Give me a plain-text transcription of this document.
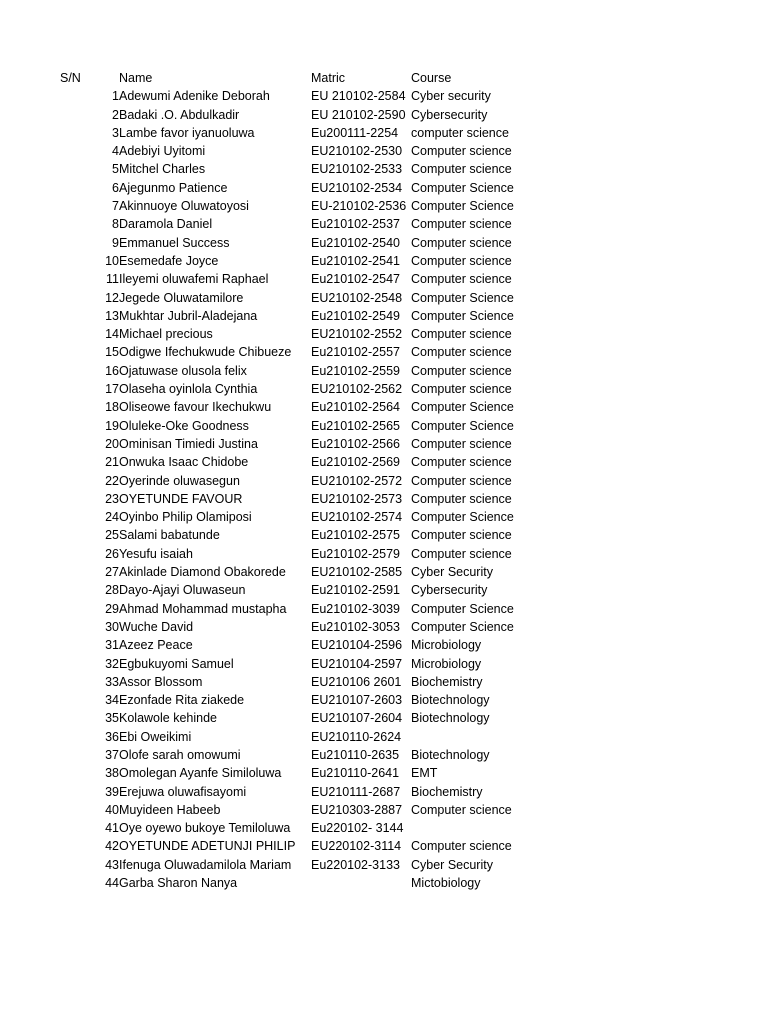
S/N	Name	Matric	Course
1	Adewumi Adenike Deborah	EU 210102-2584	Cyber security
2	Badaki .O. Abdulkadir	EU 210102-2590	Cybersecurity
3	Lambe favor iyanuoluwa	Eu200111-2254	computer science
4	Adebiyi Uyitomi	EU210102-2530	Computer science
5	Mitchel Charles	EU210102-2533	Computer science
6	Ajegunmo Patience	EU210102-2534	Computer Science
7	Akinnuoye Oluwatoyosi	EU-210102-2536	Computer Science
8	Daramola Daniel	Eu210102-2537	Computer science
9	Emmanuel Success	Eu210102-2540	Computer science
10	Esemedafe Joyce	Eu210102-2541	Computer science
11	Ileyemi oluwafemi Raphael	Eu210102-2547	Computer science
12	Jegede Oluwatamilore	EU210102-2548	Computer Science
13	Mukhtar Jubril-Aladejana	Eu210102-2549	Computer Science
14	Michael precious	EU210102-2552	Computer science
15	Odigwe Ifechukwude Chibueze	Eu210102-2557	Computer science
16	Ojatuwase olusola felix	Eu210102-2559	Computer science
17	Olaseha oyinlola Cynthia	EU210102-2562	Computer science
18	Oliseowe favour Ikechukwu	Eu210102-2564	Computer Science
19	Oluleke-Oke Goodness	Eu210102-2565	Computer Science
20	Ominisan Timiedi Justina	Eu210102-2566	Computer science
21	Onwuka Isaac Chidobe	Eu210102-2569	Computer science
22	Oyerinde oluwasegun	EU210102-2572	Computer science
23	OYETUNDE FAVOUR	EU210102-2573	Computer science
24	Oyinbo Philip Olamiposi	EU210102-2574	Computer Science
25	Salami babatunde	Eu210102-2575	Computer science
26	Yesufu isaiah	Eu210102-2579	Computer science
27	Akinlade Diamond Obakorede	EU210102-2585	Cyber Security
28	Dayo-Ajayi Oluwaseun	Eu210102-2591	Cybersecurity
29	Ahmad Mohammad mustapha	Eu210102-3039	Computer Science
30	Wuche David	Eu210102-3053	Computer Science
31	Azeez Peace	EU210104-2596	Microbiology
32	Egbukuyomi Samuel	EU210104-2597	Microbiology
33	Assor Blossom	EU210106 2601	Biochemistry
34	Ezonfade Rita ziakede	EU210107-2603	Biotechnology
35	Kolawole kehinde	EU210107-2604	Biotechnology
36	Ebi Oweikimi	EU210110-2624	
37	Olofe sarah omowumi	Eu210110-2635	Biotechnology
38	Omolegan Ayanfe Similoluwa	Eu210110-2641	EMT
39	Erejuwa oluwafisayomi	EU210111-2687	Biochemistry
40	Muyideen Habeeb	EU210303-2887	Computer science
41	Oye oyewo bukoye Temiloluwa	Eu220102- 3144	
42	OYETUNDE ADETUNJI PHILIP	EU220102-3114	Computer science
43	Ifenuga Oluwadamilola Mariam	Eu220102-3133	Cyber Security
44	Garba Sharon Nanya		Mictobiology
